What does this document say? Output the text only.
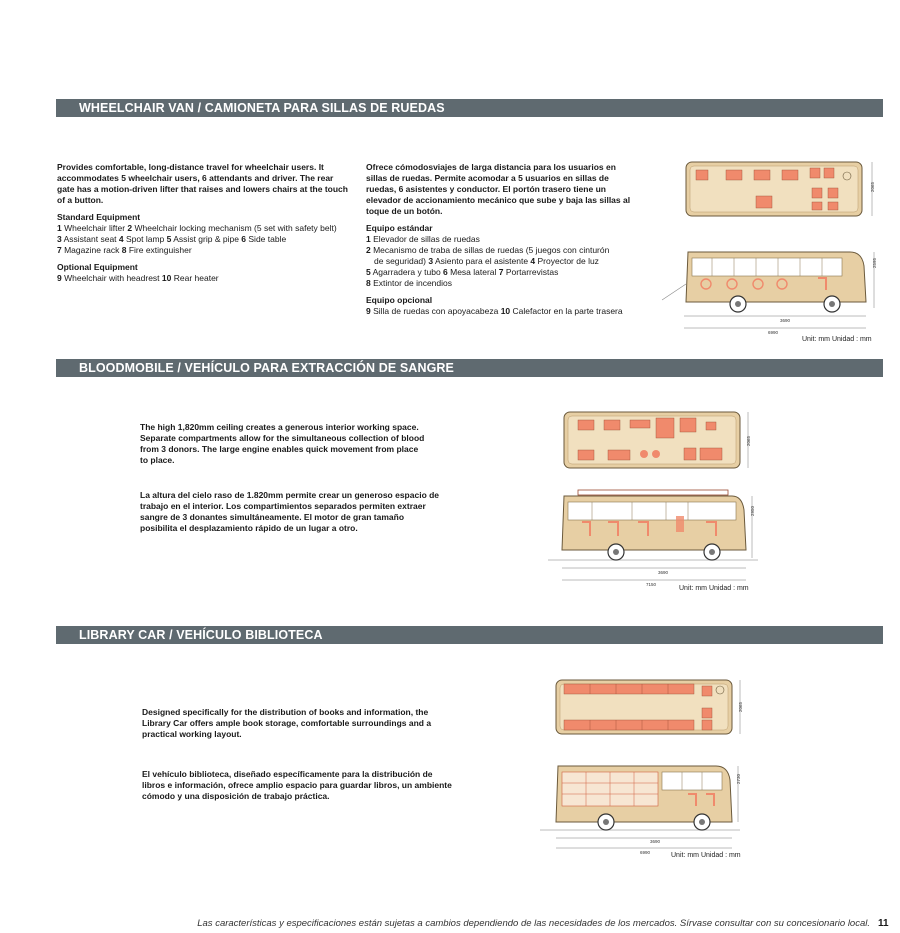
WHEELCHAIR VAN / CAMIONETA PARA SILLAS DE RUEDAS
Provides comfortable, long-distance travel for wheelchair users. It accommodates 5 wheelchair users, 6 attendants and driver. The rear gate has a motion-driven lifter that raises and lowers chairs at the touch of a button.
Standard Equipment
1 Wheelchair lifter 2 Wheelchair locking mechanism (5 set with safety belt)
3 Assistant seat 4 Spot lamp 5 Assist grip & pipe 6 Side table
7 Magazine rack 8 Fire extinguisher
Optional Equipment
9 Wheelchair with headrest 10 Rear heater
Ofrece cómodosviajes de larga distancia para los usuarios en sillas de ruedas. Permite acomodar a 5 usuarios en sillas de ruedas, 6 asistentes y conductor. El portón trasero tiene un elevador de accionamiento mecánico que sube y baja las sillas al toque de un botón.
Equipo estándar
1 Elevador de sillas de ruedas
2 Mecanismo de traba de sillas de ruedas (5 juegos con cinturón
de seguridad) 3 Asiento para el asistente 4 Proyector de luz
5 Agarradera y tubo 6 Mesa lateral 7 Portarrevistas
8 Extintor de incendios
Equipo opcional
9 Silla de ruedas con apoyacabeza 10 Calefactor en la parte trasera
2065
3690
6990
2595
Unit: mm Unidad : mm
BLOODMOBILE / VEHÍCULO PARA EXTRACCIÓN DE SANGRE
The high 1,820mm ceiling creates a generous interior working space. Separate compartments allow for the simultaneous collection of blood from 3 donors. The large engine enables quick movement from place to place.
La altura del cielo raso de 1.820mm permite crear un generoso espacio de trabajo en el interior. Los compartimientos separados permiten extraer sangre de 3 donantes simultáneamente. El motor de gran tamaño posibilita el desplazamiento rápido de un lugar a otro.
2065
3690
7150
2950
Unit: mm Unidad : mm
LIBRARY CAR / VEHÍCULO BIBLIOTECA
Designed specifically for the distribution of books and information, the Library Car offers ample book storage, comfortable surroundings and a practical working layout.
El vehículo biblioteca, diseñado específicamente para la distribución de libros e información, ofrece amplio espacio para guardar libros, un ambiente cómodo y una disposición de trabajo práctica.
2065
3690
6990
2730
Unit: mm Unidad : mm
Las características y especificaciones están sujetas a cambios dependiendo de las necesidades de los mercados. Sírvase consultar con su concesionario local. 11
